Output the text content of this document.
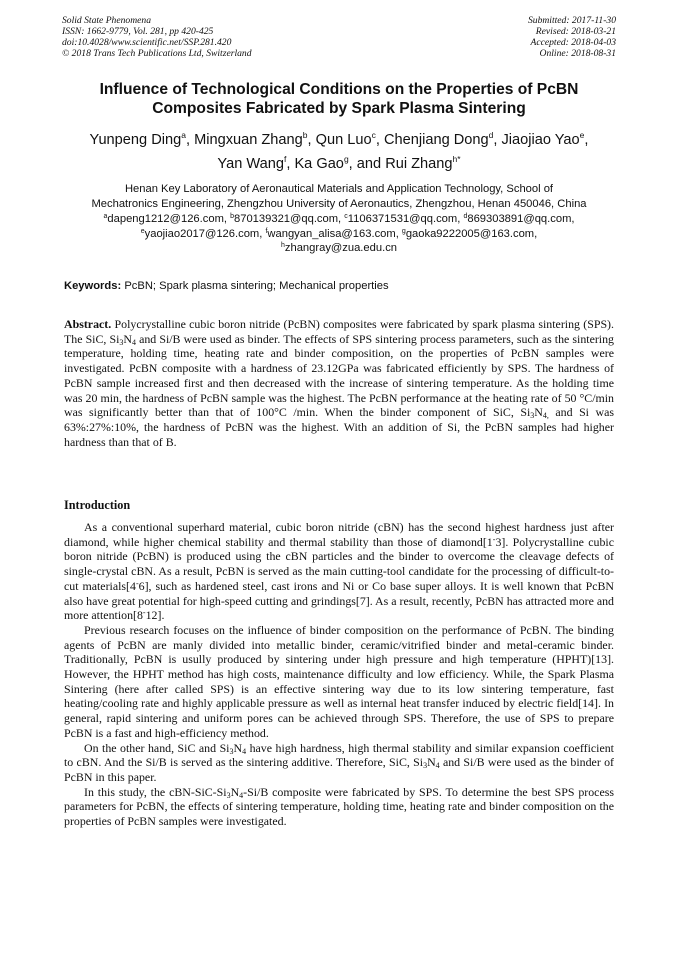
Solid State Phenomena
ISSN: 1662-9779, Vol. 281, pp 420-425
doi:10.4028/www.scientific.net/SSP.281.420
© 2018 Trans Tech Publications Ltd, Switzerland
Submitted: 2017-11-30
Revised: 2018-03-21
Accepted: 2018-04-03
Online: 2018-08-31
Influence of Technological Conditions on the Properties of PcBN
Composites Fabricated by Spark Plasma Sintering
Yunpeng Ding$^a$, Mingxuan Zhang$^b$, Qun Luo$^c$, Chenjiang Dong$^d$, Jiaojiao Yao$^e$,
Yan Wang$^f$, Ka Gao$^g$, and Rui Zhang$^{h*}$
Henan Key Laboratory of Aeronautical Materials and Application Technology, School of
Mechatronics Engineering, Zhengzhou University of Aeronautics, Zhengzhou, Henan 450046, China
$^a$dapeng1212@126.com, $^b$870139321@qq.com, $^c$1106371531@qq.com, $^d$869303891@qq.com,
$^e$yaojiao2017@126.com, $^f$wangyan_alisa@163.com, $^g$gaoka9222005@163.com,
$^h$zhangray@zua.edu.cn
Keywords: PcBN; Spark plasma sintering; Mechanical properties
Abstract. Polycrystalline cubic boron nitride (PcBN) composites were fabricated by spark plasma sintering (SPS). The SiC, $Si_3N_4$ and Si/B were used as binder. The effects of SPS sintering process parameters, such as the sintering temperature, holding time, heating rate and binder composition, on the properties of PcBN samples were investigated. PcBN composite with a hardness of 23.12GPa was fabricated efficiently by SPS. The hardness of PcBN sample increased first and then decreased with the increase of sintering temperature. As the holding time was 20 min, the hardness of PcBN sample was the highest. The PcBN performance at the heating rate of 50 °C/min was significantly better than that of 100°C /min. When the binder component of SiC, $Si_3N_{4,}$ and Si was 63%:27%:10%, the hardness of PcBN was the highest. With an addition of Si, the PcBN samples had higher hardness than that of B.
Introduction

As a conventional superhard material, cubic boron nitride (cBN) has the second highest hardness just after diamond, while higher chemical stability and thermal stability than those of diamond[1-3]. Polycrystalline cubic boron nitride (PcBN) is produced using the cBN particles and the binder to overcome the cleavage defects of single-crystal cBN. As a result, PcBN is served as the main cutting-tool candidate for the processing of difficult-to-cut materials[4-6], such as hardened steel, cast irons and Ni or Co base super alloys. It is well known that PcBN also have great potential for high-speed cutting and grindings[7]. As a result, recently, PcBN has attracted more and more attention[8-12].

Previous research focuses on the influence of binder composition on the performance of PcBN. The binding agents of PcBN are manly divided into metallic binder, ceramic/vitrified binder and metal-ceramic binder. Traditionally, PcBN is usully produced by sintering under high pressure and high temperature (HPHT)[13]. However, the HPHT method has high costs, maintenance difficulty and low efficiency. While, the Spark Plasma Sintering (here after called SPS) is an effective sintering way due to its low sintering temperature, fast heating/cooling rate and highly applicable pressure as well as internal heat transfer induced by electric field[14]. In general, rapid sintering and uniform pores can be achieved through SPS. Therefore, the use of SPS to prepare PcBN is a fast and high-efficiency method.

On the other hand, SiC and $Si_3N_4$ have high hardness, high thermal stability and similar expansion coefficient to cBN. And the Si/B is served as the sintering additive. Therefore, SiC, $Si_3N_4$ and Si/B were used as the binder of PcBN in this paper.

In this study, the cBN-$SiC-Si_3N_4-Si/B$ composite were fabricated by SPS. To determine the best SPS process parameters for PcBN, the effects of sintering temperature, holding time, heating rate and binder composition on the properties of PcBN samples were investigated.
